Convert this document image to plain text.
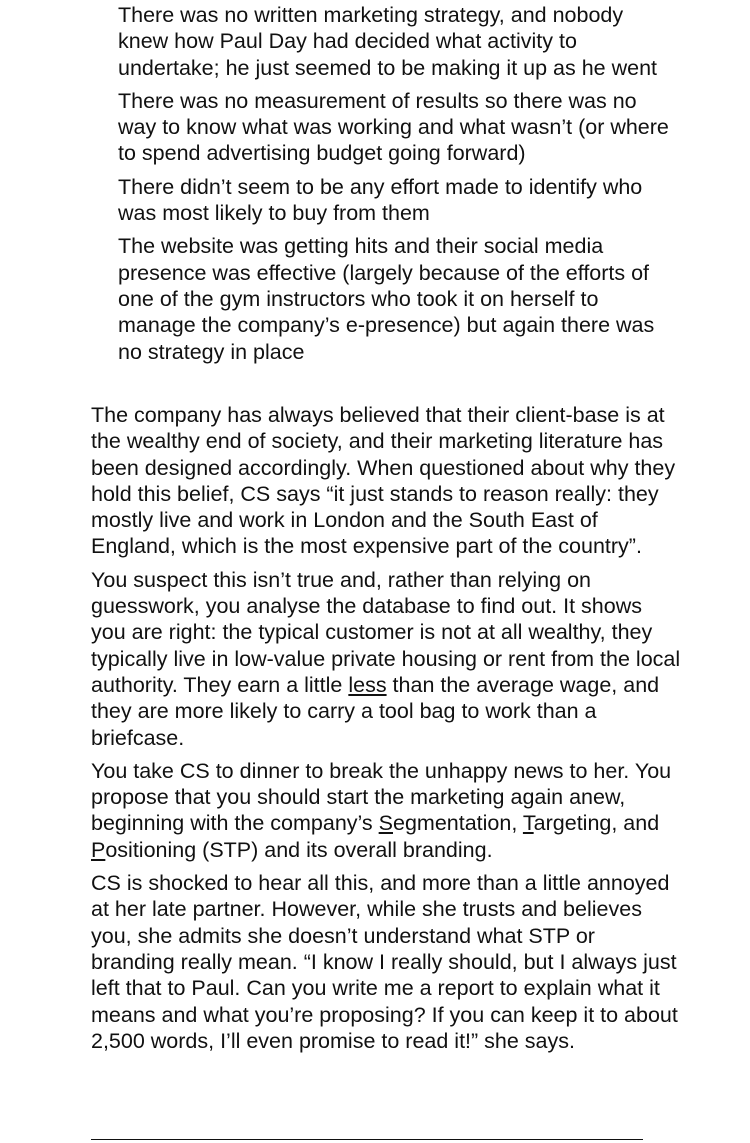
There was no written marketing strategy, and nobody knew how Paul Day had decided what activity to undertake; he just seemed to be making it up as he went
There was no measurement of results so there was no way to know what was working and what wasn’t (or where to spend advertising budget going forward)
There didn’t seem to be any effort made to identify who was most likely to buy from them
The website was getting hits and their social media presence was effective (largely because of the efforts of one of the gym instructors who took it on herself to manage the company’s e-presence) but again there was no strategy in place

The company has always believed that their client-base is at the wealthy end of society, and their marketing literature has been designed accordingly. When questioned about why they hold this belief, CS says “it just stands to reason really: they mostly live and work in London and the South East of England, which is the most expensive part of the country”.

You suspect this isn’t true and, rather than relying on guesswork, you analyse the database to find out. It shows you are right: the typical customer is not at all wealthy, they typically live in low-value private housing or rent from the local authority. They earn a little less than the average wage, and they are more likely to carry a tool bag to work than a briefcase.

You take CS to dinner to break the unhappy news to her. You propose that you should start the marketing again anew, beginning with the company’s Segmentation, Targeting, and Positioning (STP) and its overall branding.

CS is shocked to hear all this, and more than a little annoyed at her late partner. However, while she trusts and believes you, she admits she doesn’t understand what STP or branding really mean. “I know I really should, but I always just left that to Paul. Can you write me a report to explain what it means and what you’re proposing? If you can keep it to about 2,500 words, I’ll even promise to read it!” she says.
